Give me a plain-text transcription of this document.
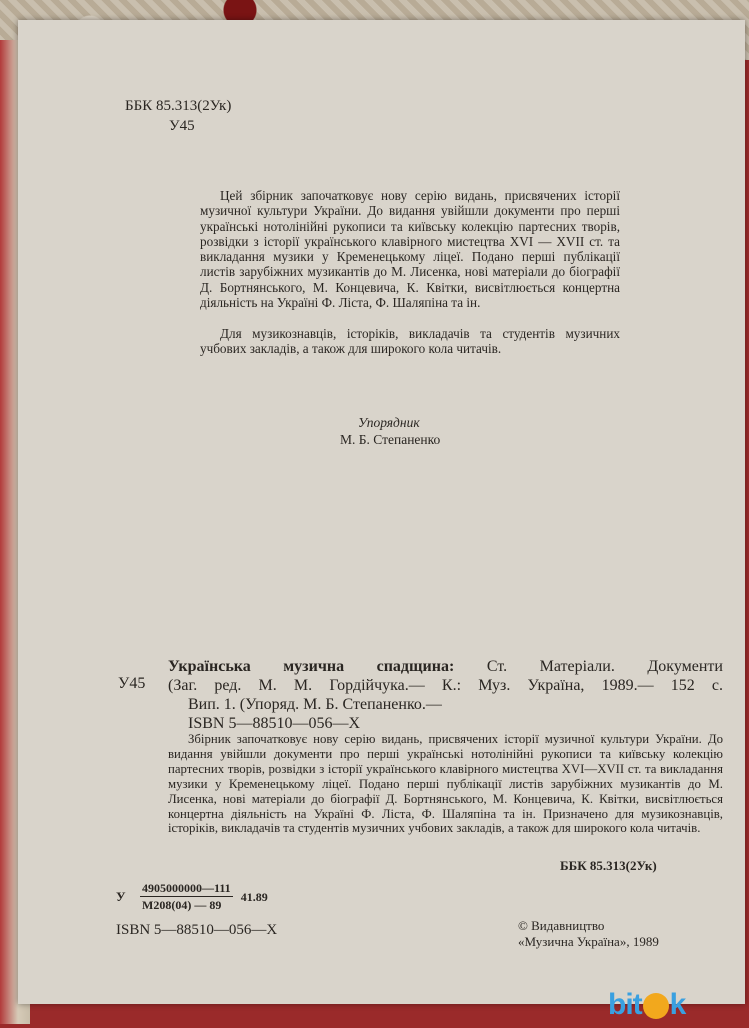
ББК 85.313(2Ук)
У45

Цей збірник започатковує нову серію видань, присвячених історії музичної культури України. До видання увійшли документи про перші українські нотолінійні рукописи та київську колекцію партесних творів, розвідки з історії українського клавірного мистецтва XVI — XVII ст. та викладання музики у Кременецькому ліцеї. Подано перші публікації листів зарубіжних музикантів до М. Лисенка, нові матеріали до біографії Д. Бортнянського, М. Концевича, К. Квітки, висвітлюється концертна діяльність на Україні Ф. Ліста, Ф. Шаляпіна та ін.

Для музикознавців, історіків, викладачів та студентів музичних учбових закладів, а також для широкого кола читачів.

Упорядник
М. Б. Степаненко
У45
Українська музична спадщина: Ст. Матеріали. Документи
(Заг. ред. М. М. Гордійчука.— К.: Муз. Україна, 1989.— 152 с.
Вип. 1. (Упоряд. М. Б. Степаненко.—
ISBN 5—88510—056—X

Збірник започатковує нову серію видань, присвячених історії музичної культури України. До видання увійшли документи про перші українські нотолінійні рукописи та київську колекцію партесних творів, розвідки з історії українського клавірного мистецтва XVI—XVII ст. та викладання музики у Кременецькому ліцеї. Подано перші публікації листів зарубіжних музикантів до М. Лисенка, нові матеріали до біографії Д. Бортнянського, М. Концевича, К. Квітки, висвітлюється концертна діяльність на Україні Ф. Ліста, Ф. Шаляпіна та ін. Призначено для музикознавців, історіків, викладачів та студентів музичних учбових закладів, а також для широкого кола читачів.

ББК 85.313(2Ук)
У	$\frac{4905000000—111}{М208(04) — 89} 41.89$
ISBN 5—88510—056—X	© Видавництво
«Музична Україна», 1989
bit k
